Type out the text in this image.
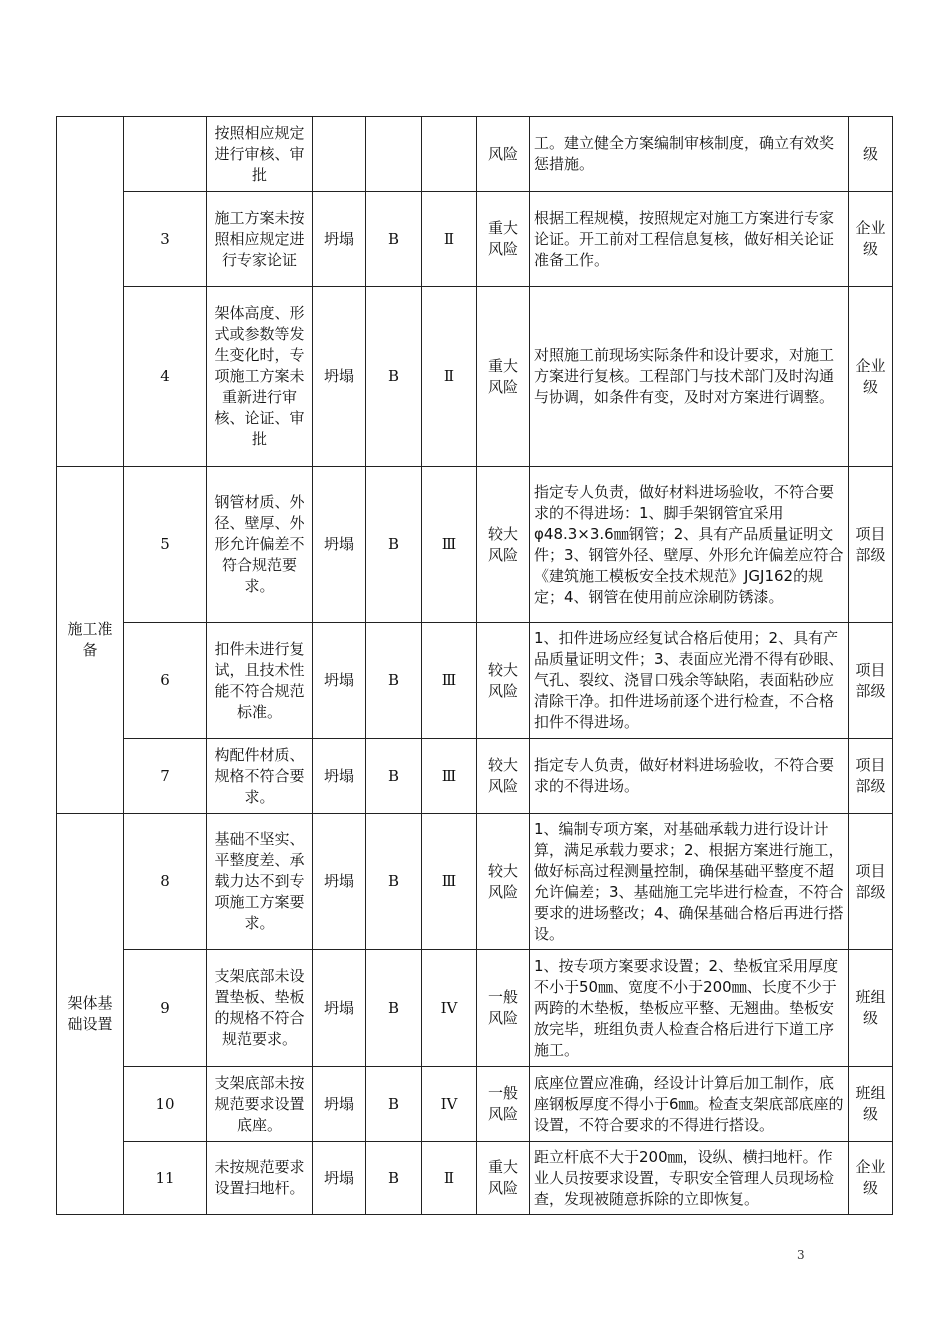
		按照相应规定进行审核、审批				风险	工。建立健全方案编制审核制度，确立有效奖惩措施。	级
	3	施工方案未按照相应规定进行专家论证	坍塌	B	Ⅱ	重大风险	根据工程规模，按照规定对施工方案进行专家论证。开工前对工程信息复核，做好相关论证准备工作。	企业级
	4	架体高度、形式或参数等发生变化时，专项施工方案未重新进行审核、论证、审批	坍塌	B	Ⅱ	重大风险	对照施工前现场实际条件和设计要求，对施工方案进行复核。工程部门与技术部门及时沟通与协调，如条件有变，及时对方案进行调整。	企业级
施工准备	5	钢管材质、外径、壁厚、外形允许偏差不符合规范要求。	坍塌	B	Ⅲ	较大风险	指定专人负责，做好材料进场验收，不符合要求的不得进场：1、脚手架钢管宜采用φ48.3×3.6㎜钢管；2、具有产品质量证明文件；3、钢管外径、壁厚、外形允许偏差应符合《建筑施工模板安全技术规范》JGJ162的规定；4、钢管在使用前应涂刷防锈漆。	项目部级
	6	扣件未进行复试，且技术性能不符合规范标准。	坍塌	B	Ⅲ	较大风险	1、扣件进场应经复试合格后使用；2、具有产品质量证明文件；3、表面应光滑不得有砂眼、气孔、裂纹、浇冒口残余等缺陷，表面粘砂应清除干净。扣件进场前逐个进行检查，不合格扣件不得进场。	项目部级
	7	构配件材质、规格不符合要求。	坍塌	B	Ⅲ	较大风险	指定专人负责，做好材料进场验收，不符合要求的不得进场。	项目部级
架体基础设置	8	基础不坚实、平整度差、承载力达不到专项施工方案要求。	坍塌	B	Ⅲ	较大风险	1、编制专项方案，对基础承载力进行设计计算，满足承载力要求；2、根据方案进行施工，做好标高过程测量控制，确保基础平整度不超允许偏差；3、基础施工完毕进行检查，不符合要求的进场整改；4、确保基础合格后再进行搭设。	项目部级
	9	支架底部未设置垫板、垫板的规格不符合规范要求。	坍塌	B	IV	一般风险	1、按专项方案要求设置；2、垫板宜采用厚度不小于50㎜、宽度不小于200㎜、长度不少于两跨的木垫板，垫板应平整、无翘曲。垫板安放完毕，班组负责人检查合格后进行下道工序施工。	班组级
	10	支架底部未按规范要求设置底座。	坍塌	B	IV	一般风险	底座位置应准确，经设计计算后加工制作，底座钢板厚度不得小于6㎜。检查支架底部底座的设置，不符合要求的不得进行搭设。	班组级
	11	未按规范要求设置扫地杆。	坍塌	B	Ⅱ	重大风险	距立杆底不大于200㎜，设纵、横扫地杆。作业人员按要求设置，专职安全管理人员现场检查，发现被随意拆除的立即恢复。	企业级
3
